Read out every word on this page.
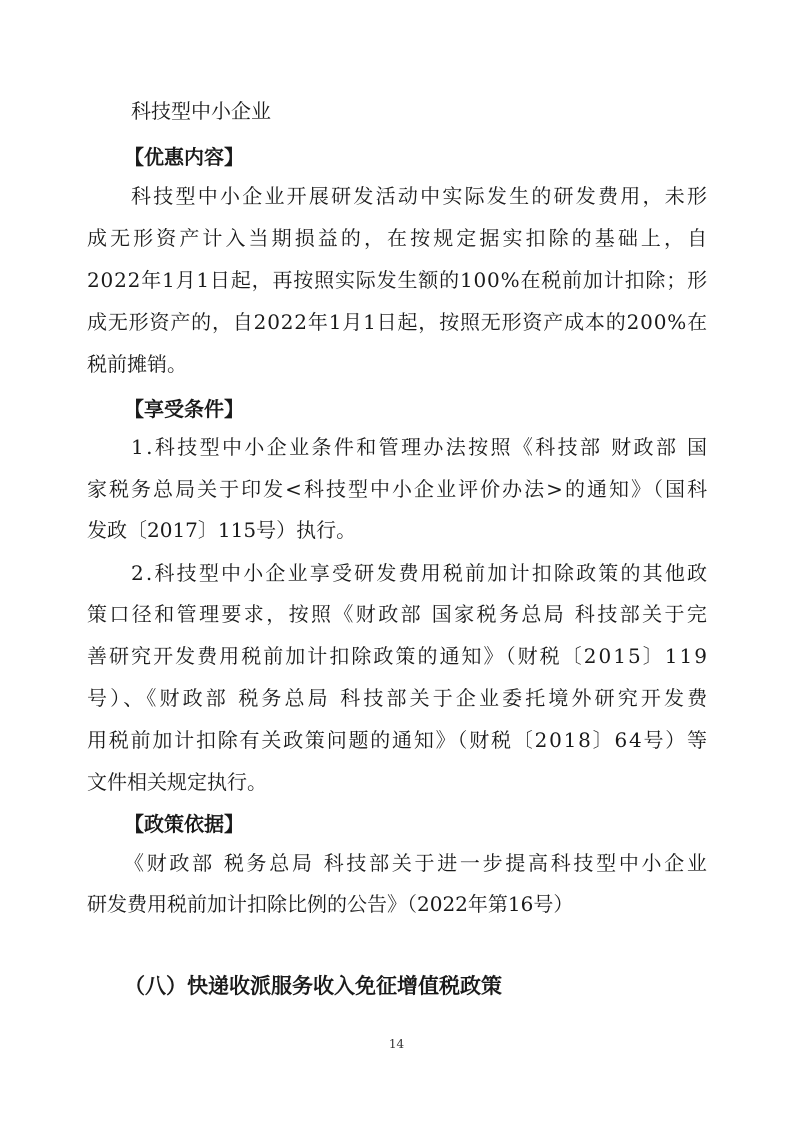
科技型中小企业
【优惠内容】
科技型中小企业开展研发活动中实际发生的研发费用，未形
成无形资产计入当期损益的，在按规定据实扣除的基础上，自
2022年1月1日起，再按照实际发生额的100%在税前加计扣除；形
成无形资产的，自2022年1月1日起，按照无形资产成本的200%在
税前摊销。
【享受条件】
1.科技型中小企业条件和管理办法按照《科技部 财政部 国
家税务总局关于印发<科技型中小企业评价办法>的通知》（国科
发政〔2017〕115号）执行。
2.科技型中小企业享受研发费用税前加计扣除政策的其他政
策口径和管理要求，按照《财政部 国家税务总局 科技部关于完
善研究开发费用税前加计扣除政策的通知》（财税〔2015〕119
号）、《财政部 税务总局 科技部关于企业委托境外研究开发费
用税前加计扣除有关政策问题的通知》（财税〔2018〕64号）等
文件相关规定执行。
【政策依据】
《财政部 税务总局 科技部关于进一步提高科技型中小企业
研发费用税前加计扣除比例的公告》（2022年第16号）
（八）快递收派服务收入免征增值税政策
14
